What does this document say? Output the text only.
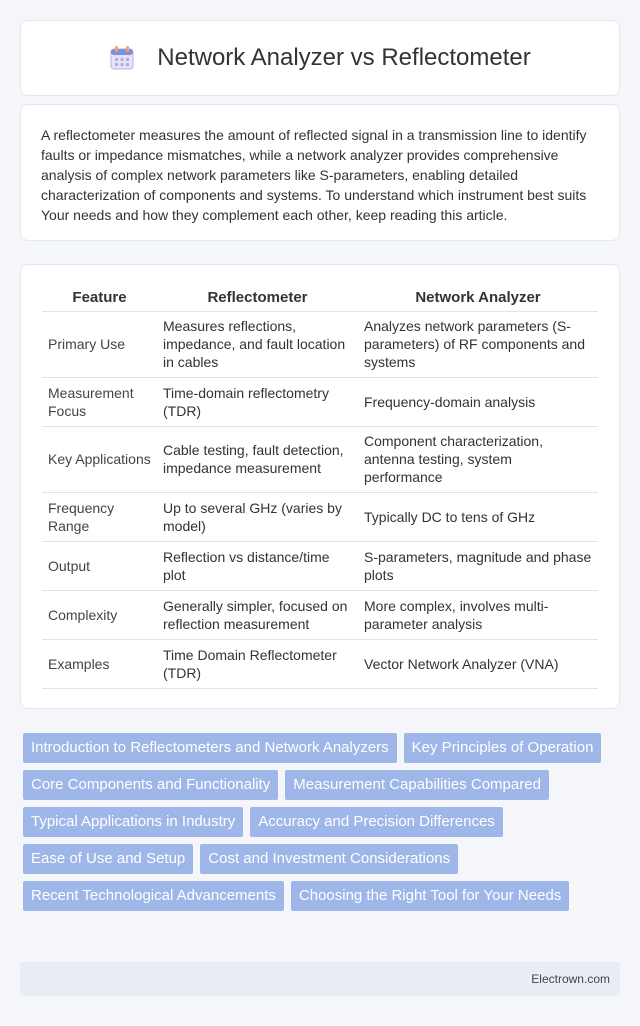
Network Analyzer vs Reflectometer

A reflectometer measures the amount of reflected signal in a transmission line to identify faults or impedance mismatches, while a network analyzer provides comprehensive analysis of complex network parameters like S-parameters, enabling detailed characterization of components and systems. To understand which instrument best suits Your needs and how they complement each other, keep reading this article.

Feature	Reflectometer	Network Analyzer
Primary Use	Measures reflections, impedance, and fault location in cables	Analyzes network parameters (S-parameters) of RF components and systems
Measurement Focus	Time-domain reflectometry (TDR)	Frequency-domain analysis
Key Applications	Cable testing, fault detection, impedance measurement	Component characterization, antenna testing, system performance
Frequency Range	Up to several GHz (varies by model)	Typically DC to tens of GHz
Output	Reflection vs distance/time plot	S-parameters, magnitude and phase plots
Complexity	Generally simpler, focused on reflection measurement	More complex, involves multi-parameter analysis
Examples	Time Domain Reflectometer (TDR)	Vector Network Analyzer (VNA)
Introduction to Reflectometers and Network Analyzers	Key Principles of Operation
Core Components and Functionality	Measurement Capabilities Compared
Typical Applications in Industry	Accuracy and Precision Differences
Ease of Use and Setup	Cost and Investment Considerations
Recent Technological Advancements	Choosing the Right Tool for Your Needs
Electrown.com
